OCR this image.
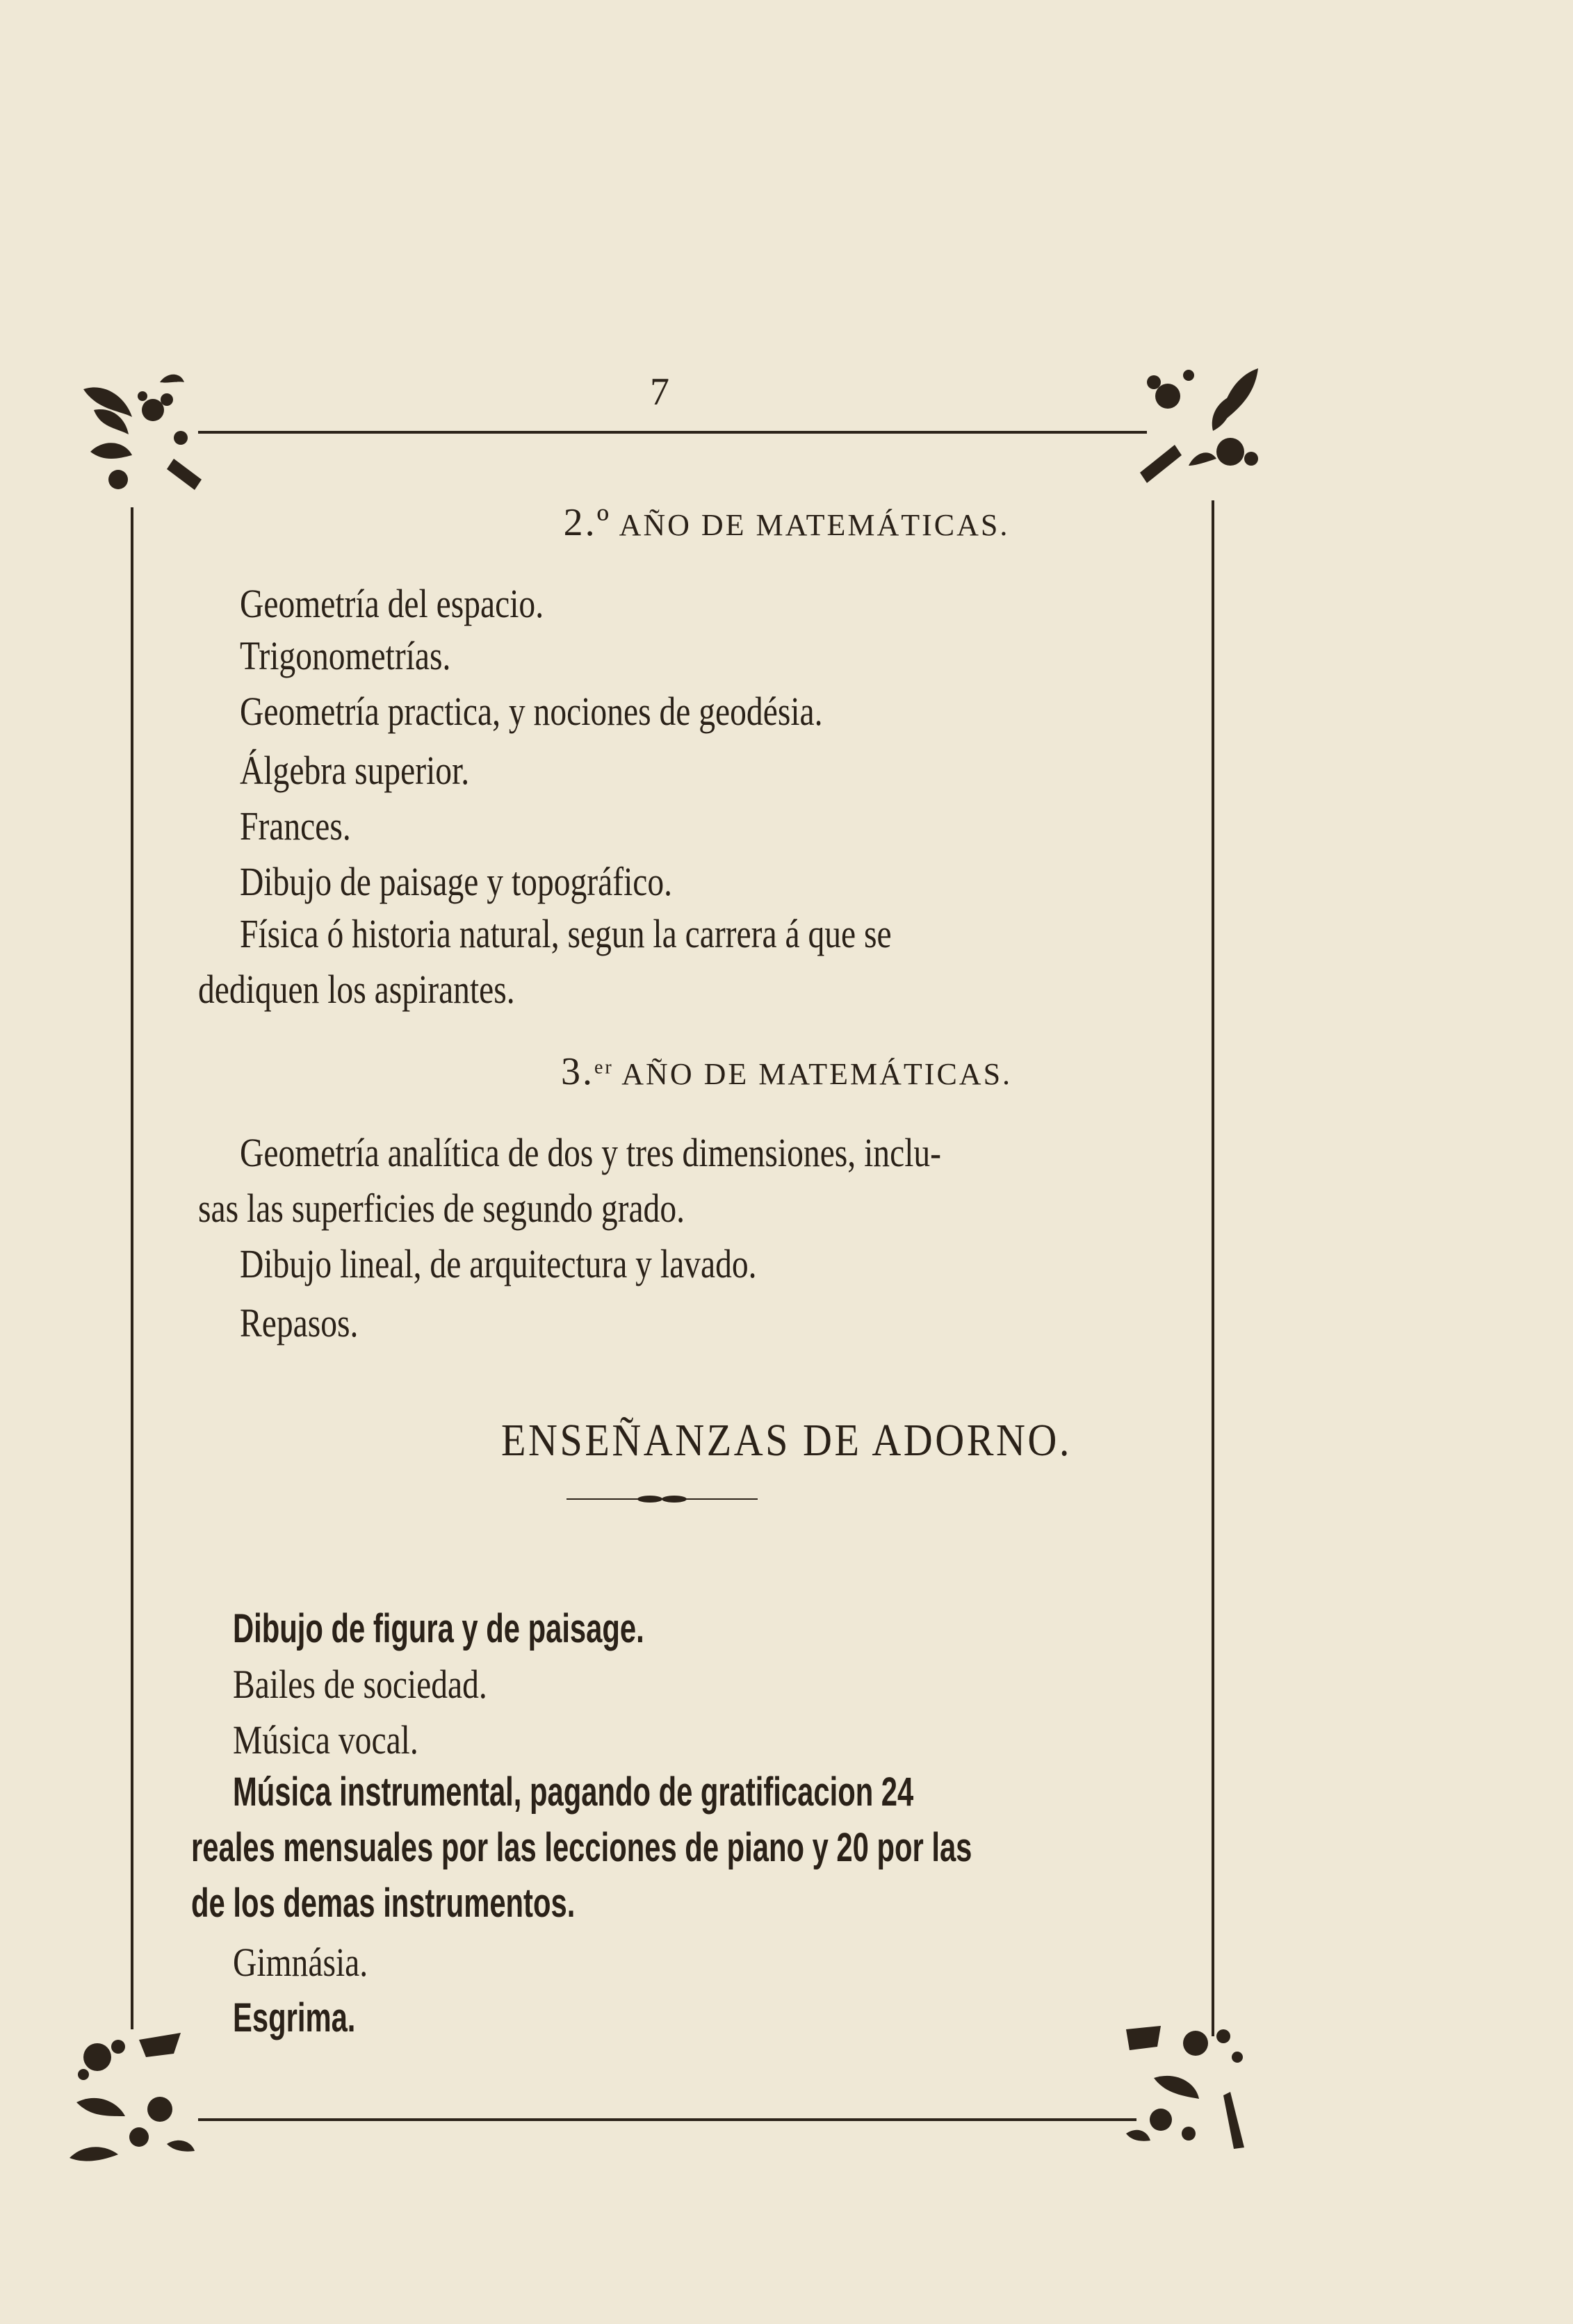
7
2.º AÑO DE MATEMÁTICAS.
Geometría del espacio.
Trigonometrías.
Geometría practica, y nociones de geodésia.
Álgebra superior.
Frances.
Dibujo de paisage y topográfico.
Física ó historia natural, segun la carrera á que se
dediquen los aspirantes.
3.$^{er}$ AÑO DE MATEMÁTICAS.
Geometría analítica de dos y tres dimensiones, inclu-
sas las superficies de segundo grado.
Dibujo lineal, de arquitectura y lavado.
Repasos.
ENSEÑANZAS DE ADORNO.
Dibujo de figura y de paisage.
Bailes de sociedad.
Música vocal.
Música instrumental, pagando de gratificacion 24
reales mensuales por las lecciones de piano y 20 por las
de los demas instrumentos.
Gimnásia.
Esgrima.
